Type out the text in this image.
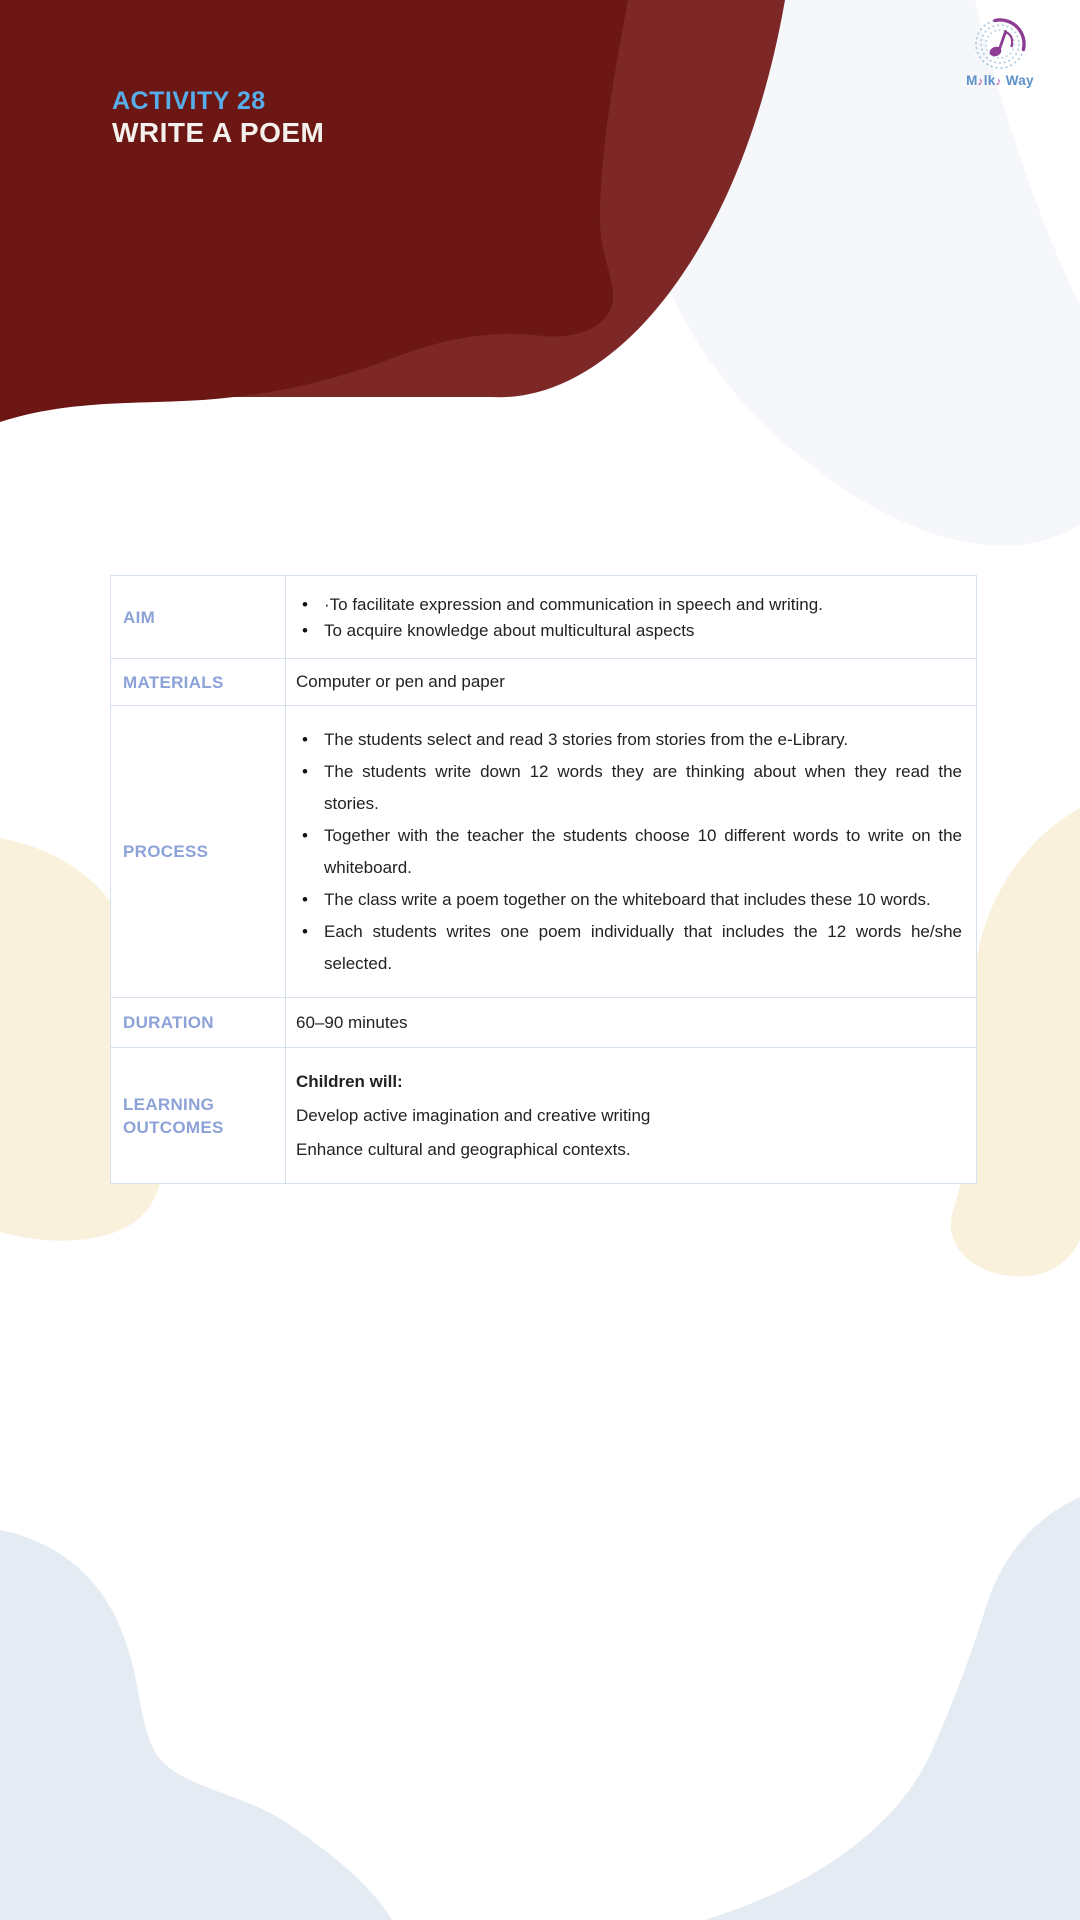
ACTIVITY 28
WRITE A POEM
M♪lk♪ Way
AIM
• ·To facilitate expression and communication in speech and writing.
• To acquire knowledge about multicultural aspects
MATERIALS	Computer or pen and paper
PROCESS
• The students select and read 3 stories from stories from the e-Library.
• The students write down 12 words they are thinking about when they read the stories.
• Together with the teacher the students choose 10 different words to write on the whiteboard.
• The class write a poem together on the whiteboard that includes these 10 words.
• Each students writes one poem individually that includes the 12 words he/she selected.
DURATION	60–90 minutes
LEARNING OUTCOMES
Children will:
Develop active imagination and creative writing
Enhance cultural and geographical contexts.
